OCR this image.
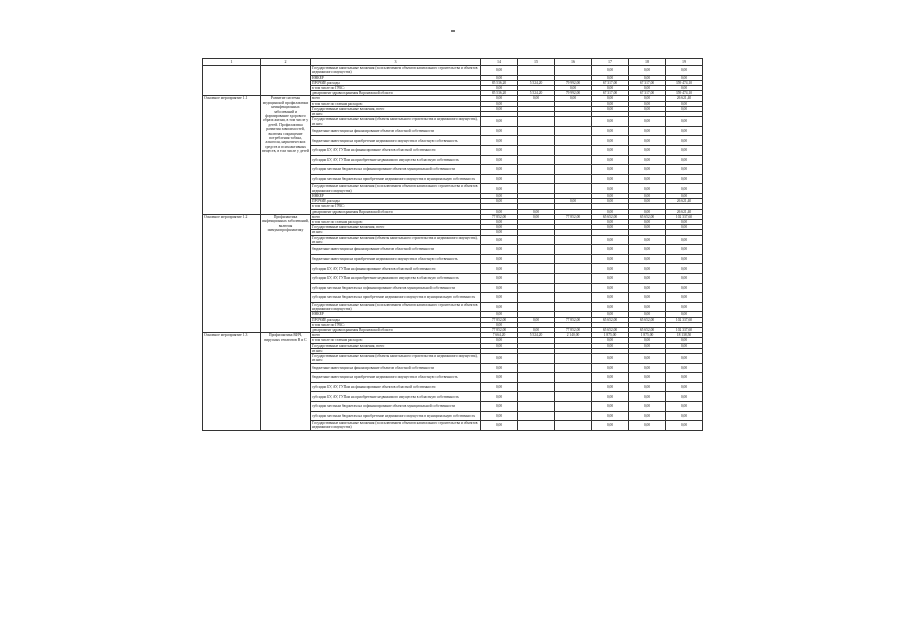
1	2	3	14	15	16	17	18	19
		Государственные капитальные вложения (за исключением объектов капитального строительства и объектов недвижимого имущества)	0,00			0,00	0,00	0,00
		ННКЕР	0,00			0,00	0,00	0,00
		ПРОЧИЕ расходы	85 536,20	5 524,20	79 992,00	67 317,00	67 317,00	359 474,10
		в том числе по ГРБС:	0,00		0,00	0,00	0,00	0,00
		департамент здравоохранения Воронежской области	85 536,20	5 524,20	79 992,00	67 317,00	67 317,00	359 474,10
Основное мероприятие 1.1	Развитие системы медицинской профилактики неинфекционных заболеваний и формирование здорового образа жизни, в том числе у детей. Профилактика развития зависимостей, включая сокращение потребления табака, алкоголя, наркотических средств и психоактивных веществ, в том числе у детей	всего	0,00	0,00	0,00	0,00	0,00	26 621,40
		в том числе по статьям расходов:	0,00			0,00	0,00	0,00
		Государственные капитальные вложения, всего	0,00			0,00	0,00	0,00
		из них:						
		Государственные капитальные вложения (объекты капитального строительства и недвижимого имущества), из них:	0,00			0,00	0,00	0,00
		бюджетные инвестиции на финансирование объектов областной собственности	0,00			0,00	0,00	0,00
		бюджетные инвестиции на приобретение недвижимого имущества в областную собственность	0,00			0,00	0,00	0,00
		субсидии БУ, АУ, ГУПам на финансирование объектов областной собственности	0,00			0,00	0,00	0,00
		субсидии БУ, АУ, ГУПам на приобретение недвижимого имущества в областную собственность	0,00			0,00	0,00	0,00
		субсидии местным бюджетам на софинансирование объектов муниципальной собственности	0,00			0,00	0,00	0,00
		субсидии местным бюджетам на приобретение недвижимого имущества в муниципальную собственность	0,00			0,00	0,00	0,00
		Государственные капитальные вложения (за исключением объектов капитального строительства и объектов недвижимого имущества)	0,00			0,00	0,00	0,00
		ННКЕР	0,00			0,00	0,00	0,00
		ПРОЧИЕ расходы	0,00		0,00	0,00	0,00	26 621,40
		в том числе по ГРБС:						
		департамент здравоохранения Воронежской области	0,00	0,00		0,00	0,00	26 621,40
Основное мероприятие 1.2	Профилактика инфекционных заболеваний, включая иммунопрофилактику	всего	77 852,00	0,00	77 852,00	65 652,00	65 652,00	102 337,60
		в том числе по статьям расходов:	0,00			0,00	0,00	0,00
		Государственные капитальные вложения, всего	0,00			0,00	0,00	0,00
		из них:	0,00					
		Государственные капитальные вложения (объекты капитального строительства и недвижимого имущества), из них:	0,00			0,00	0,00	0,00
		бюджетные инвестиции на финансирование объектов областной собственности	0,00			0,00	0,00	0,00
		бюджетные инвестиции на приобретение недвижимого имущества в областную собственность	0,00			0,00	0,00	0,00
		субсидии БУ, АУ, ГУПам на финансирование объектов областной собственности	0,00			0,00	0,00	0,00
		субсидии БУ, АУ, ГУПам на приобретение недвижимого имущества в областную собственность	0,00			0,00	0,00	0,00
		субсидии местным бюджетам на софинансирование объектов муниципальной собственности	0,00			0,00	0,00	0,00
		субсидии местным бюджетам на приобретение недвижимого имущества в муниципальную собственность	0,00			0,00	0,00	0,00
		Государственные капитальные вложения (за исключением объектов капитального строительства и объектов недвижимого имущества)	0,00			0,00	0,00	0,00
		ННКЕР	0,00			0,00	0,00	0,00
		ПРОЧИЕ расходы	77 852,00	0,00	77 852,00	65 652,00	65 652,00	102 337,60
		в том числе по ГРБС:	0,00					
		департамент здравоохранения Воронежской области	77 852,00	0,00	77 852,00	65 652,00	65 652,00	102 337,60
Основное мероприятие 1.3	Профилактика ВИЧ, вирусных гепатитов В и С	всего	7 664,20	5 524,20	2 140,00	1 875,00	1 875,00	18 138,50
		в том числе по статьям расходов:	0,00			0,00	0,00	0,00
		Государственные капитальные вложения, всего	0,00			0,00	0,00	0,00
		из них:						
		Государственные капитальные вложения (объекты капитального строительства и недвижимого имущества), из них:	0,00			0,00	0,00	0,00
		бюджетные инвестиции на финансирование объектов областной собственности	0,00			0,00	0,00	0,00
		бюджетные инвестиции на приобретение недвижимого имущества в областную собственность	0,00			0,00	0,00	0,00
		субсидии БУ, АУ, ГУПам на финансирование объектов областной собственности	0,00			0,00	0,00	0,00
		субсидии БУ, АУ, ГУПам на приобретение недвижимого имущества в областную собственность	0,00			0,00	0,00	0,00
		субсидии местным бюджетам на софинансирование объектов муниципальной собственности	0,00			0,00	0,00	0,00
		субсидии местным бюджетам на приобретение недвижимого имущества в муниципальную собственность	0,00			0,00	0,00	0,00
		Государственные капитальные вложения (за исключением объектов капитального строительства и объектов недвижимого имущества)	0,00			0,00	0,00	0,00
